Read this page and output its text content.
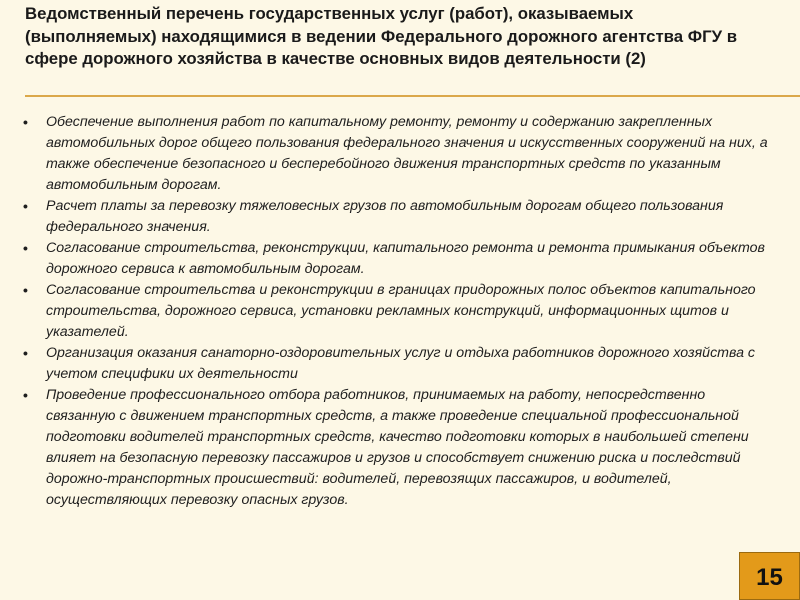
Ведомственный перечень государственных услуг (работ), оказываемых (выполняемых) находящимися в ведении Федерального дорожного агентства ФГУ в сфере дорожного хозяйства в качестве основных видов деятельности (2)
• Обеспечение выполнения работ по капитальному ремонту, ремонту и содержанию закрепленных автомобильных дорог общего пользования федерального значения и искусственных сооружений на них, а также обеспечение безопасного и бесперебойного движения транспортных средств по указанным автомобильным дорогам.
• Расчет платы за перевозку тяжеловесных грузов по автомобильным дорогам общего пользования федерального значения.
• Согласование строительства, реконструкции, капитального ремонта и ремонта примыкания объектов дорожного сервиса к автомобильным дорогам.
• Согласование строительства и реконструкции в границах придорожных полос объектов капитального строительства, дорожного сервиса, установки рекламных конструкций, информационных щитов и указателей.
• Организация оказания санаторно-оздоровительных услуг и отдыха работников дорожного хозяйства с учетом специфики их деятельности
• Проведение профессионального отбора работников, принимаемых на работу, непосредственно связанную с движением транспортных средств, а также проведение специальной профессиональной подготовки водителей транспортных средств, качество подготовки которых в наибольшей степени влияет на безопасную перевозку пассажиров и грузов и способствует снижению риска и последствий дорожно-транспортных происшествий: водителей, перевозящих пассажиров, и водителей, осуществляющих перевозку опасных грузов.
15
